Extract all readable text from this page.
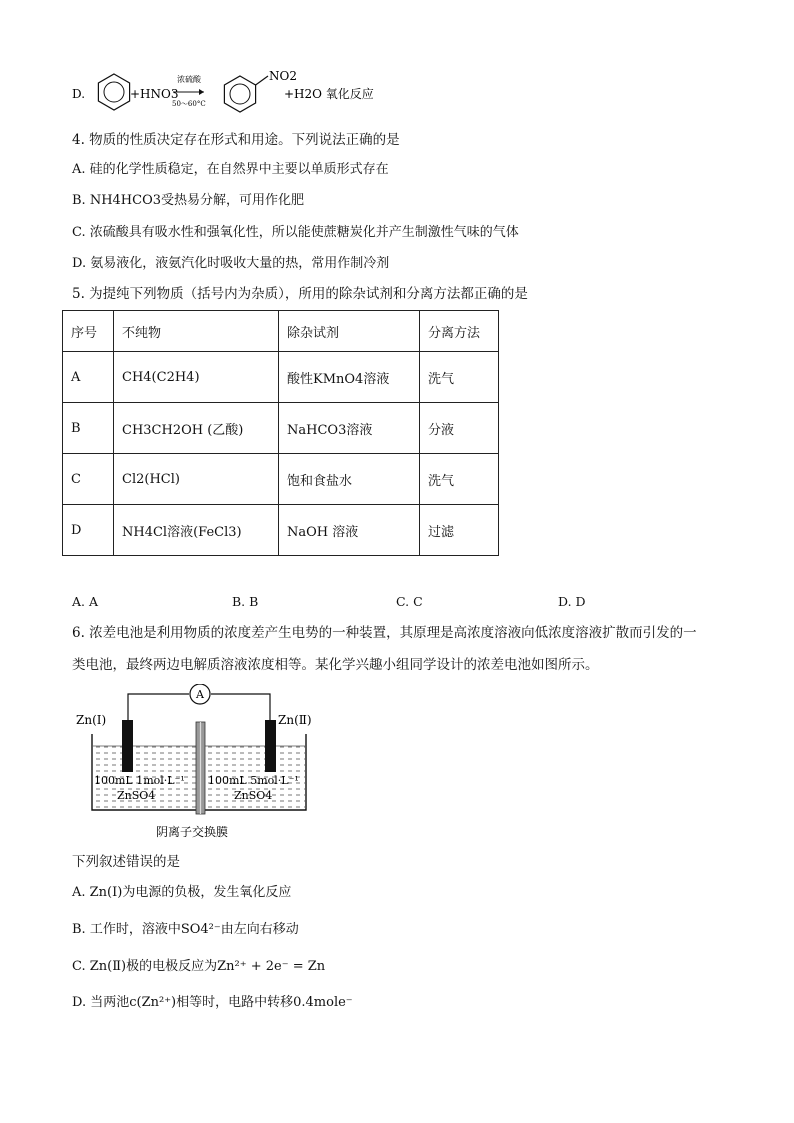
D.	+HNO3
浓硫酸
50～60°C
NO2
+H2O 氧化反应
4. 物质的性质决定存在形式和用途。下列说法正确的是
A. 硅的化学性质稳定，在自然界中主要以单质形式存在
B. NH4HCO3受热易分解，可用作化肥
C. 浓硫酸具有吸水性和强氧化性，所以能使蔗糖炭化并产生制激性气味的气体
D. 氨易液化，液氨汽化时吸收大量的热，常用作制冷剂
5. 为提纯下列物质（括号内为杂质），所用的除杂试剂和分离方法都正确的是
序号	不纯物	除杂试剂	分离方法
A	CH4(C2H4)	酸性KMnO4溶液	洗气
B	CH3CH2OH (乙酸)	NaHCO3溶液	分液
C	Cl2(HCl)	饱和食盐水	洗气
D	NH4Cl溶液(FeCl3)	NaOH 溶液	过滤
A. A	B. B	C. C	D. D
6. 浓差电池是利用物质的浓度差产生电势的一种装置，其原理是高浓度溶液向低浓度溶液扩散而引发的一
类电池，最终两边电解质溶液浓度相等。某化学兴趣小组同学设计的浓差电池如图所示。
A
Zn(Ⅰ)	Zn(Ⅱ)
100mL 1mol·L⁻¹
ZnSO4
100mL 5mol·L⁻¹
ZnSO4
阴离子交换膜
下列叙述错误的是
A. Zn(Ⅰ)为电源的负极，发生氧化反应
B. 工作时，溶液中SO4²⁻由左向右移动
C. Zn(Ⅱ)极的电极反应为Zn²⁺ + 2e⁻ = Zn
D. 当两池c(Zn²⁺)相等时，电路中转移0.4mole⁻
